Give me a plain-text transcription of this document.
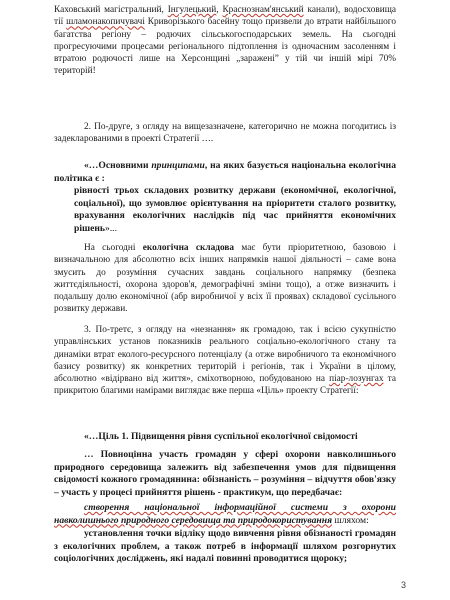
Каховський магістральний, Інгулецький, Краснознам'янський канали), водосховища тії шламонакопичувачі Криворізького басейну тощо призвели до втрати найбільшого багатства регіону – родючих сільськогосподарських земель. На сьогодні прогресуючими процесами регіонального підтоплення із одночасним засоленням і втратою родючості лише на Херсонщині „заражені” у тій чи іншій мірі 70% територій!

2. По-друге, з огляду на вищезазначене, категорично не можна погодитись із задекларованими в проекті Стратегії ….

«…Основними принципами, на яких базується національна екологічна політика є :

рівності трьох складових розвитку держави (економічної, екологічної, соціальної), що зумовлює орієнтування на пріоритети сталого розвитку, врахування екологічних наслідків під час прийняття економічних рішень»...

На сьогодні екологічна складова має бути пріоритетною, базовою і визначальною для абсолютно всіх інших напрямків нашої діяльності – саме вона змусить до розуміння сучасних завдань соціального напрямку (безпека життєдіяльності, охорона здоров'я, демографічні зміни тощо), а отже визначить і подальшу долю економічної (абр виробничої у всіх її проявах) складової сусільного розвитку держави.

3. По-третє, з огляду на «незнання» як громадою, так і всією сукупністю управлінських установ показників реального соціально-екологічного стану та динаміки втрат еколого-ресурсного потенціалу (а отже виробничого та економічного базису розвитку) як конкретних територій і регіонів, так і України в цілому, абсолютно «відірвано від життя», сміхотворною, побудованою на піар-лозунгах та прикритою благими намірами виглядає вже перша «Ціль» проекту Стратегії:

«…Ціль 1. Підвищення рівня суспільної екологічної свідомості

… Повноцінна участь громадян у сфері охорони навколишнього природного середовища залежить від забезпечення умов для підвищення свідомості кожного громадянина: обізнаність – розуміння – відчуття обов'язку – участь у процесі прийняття рішень - практикум, що передбачає:

створення національної інформаційної системи з охорони навколишнього природного середовища та природокористування шляхом:

установлення точки відліку щодо вивчення рівня обізнаності громадян з екологічних проблем, а також потреб в інформації шляхом розгорнутих соціологічних досліджень, які надалі повинні проводитися щороку;

3
